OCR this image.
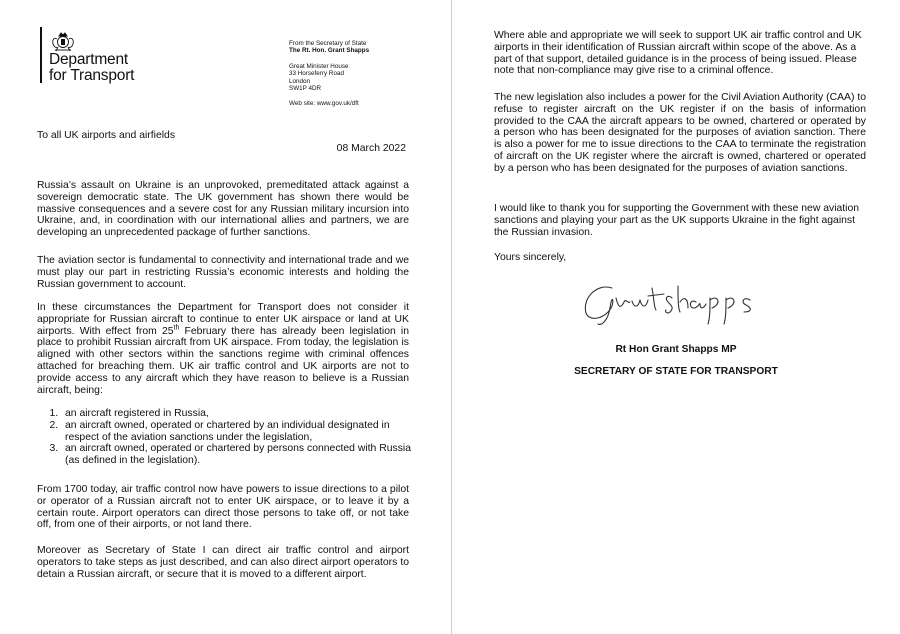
Department
for Transport
From the Secretary of State
The Rt. Hon. Grant Shapps
Great Minister House
33 Horseferry Road
London
SW1P 4DR
Web site: www.gov.uk/dft
To all UK airports and airfields
08 March 2022

Russia’s assault on Ukraine is an unprovoked, premeditated attack against a sovereign democratic state. The UK government has shown there would be massive consequences and a severe cost for any Russian military incursion into Ukraine, and, in coordination with our international allies and partners, we are developing an unprecedented package of further sanctions.

The aviation sector is fundamental to connectivity and international trade and we must play our part in restricting Russia’s economic interests and holding the Russian government to account.

In these circumstances the Department for Transport does not consider it appropriate for Russian aircraft to continue to enter UK airspace or land at UK airports. With effect from 25th February there has already been legislation in place to prohibit Russian aircraft from UK airspace. From today, the legislation is aligned with other sectors within the sanctions regime with criminal offences attached for breaching them. UK air traffic control and UK airports are not to provide access to any aircraft which they have reason to believe is a Russian aircraft, being:

1. an aircraft registered in Russia,
2. an aircraft owned, operated or chartered by an individual designated in respect of the aviation sanctions under the legislation,
3. an aircraft owned, operated or chartered by persons connected with Russia (as defined in the legislation).

From 1700 today, air traffic control now have powers to issue directions to a pilot or operator of a Russian aircraft not to enter UK airspace, or to leave it by a certain route. Airport operators can direct those persons to take off, or not take off, from one of their airports, or not land there.

Moreover as Secretary of State I can direct air traffic control and airport operators to take steps as just described, and can also direct airport operators to detain a Russian aircraft, or secure that it is moved to a different airport.

Where able and appropriate we will seek to support UK air traffic control and UK airports in their identification of Russian aircraft within scope of the above. As a part of that support, detailed guidance is in the process of being issued. Please note that non-compliance may give rise to a criminal offence.

The new legislation also includes a power for the Civil Aviation Authority (CAA) to refuse to register aircraft on the UK register if on the basis of information provided to the CAA the aircraft appears to be owned, chartered or operated by a person who has been designated for the purposes of aviation sanction. There is also a power for me to issue directions to the CAA to terminate the registration of aircraft on the UK register where the aircraft is owned, chartered or operated by a person who has been designated for the purposes of aviation sanctions.

I would like to thank you for supporting the Government with these new aviation sanctions and playing your part as the UK supports Ukraine in the fight against the Russian invasion.

Yours sincerely,

Rt Hon Grant Shapps MP
SECRETARY OF STATE FOR TRANSPORT
